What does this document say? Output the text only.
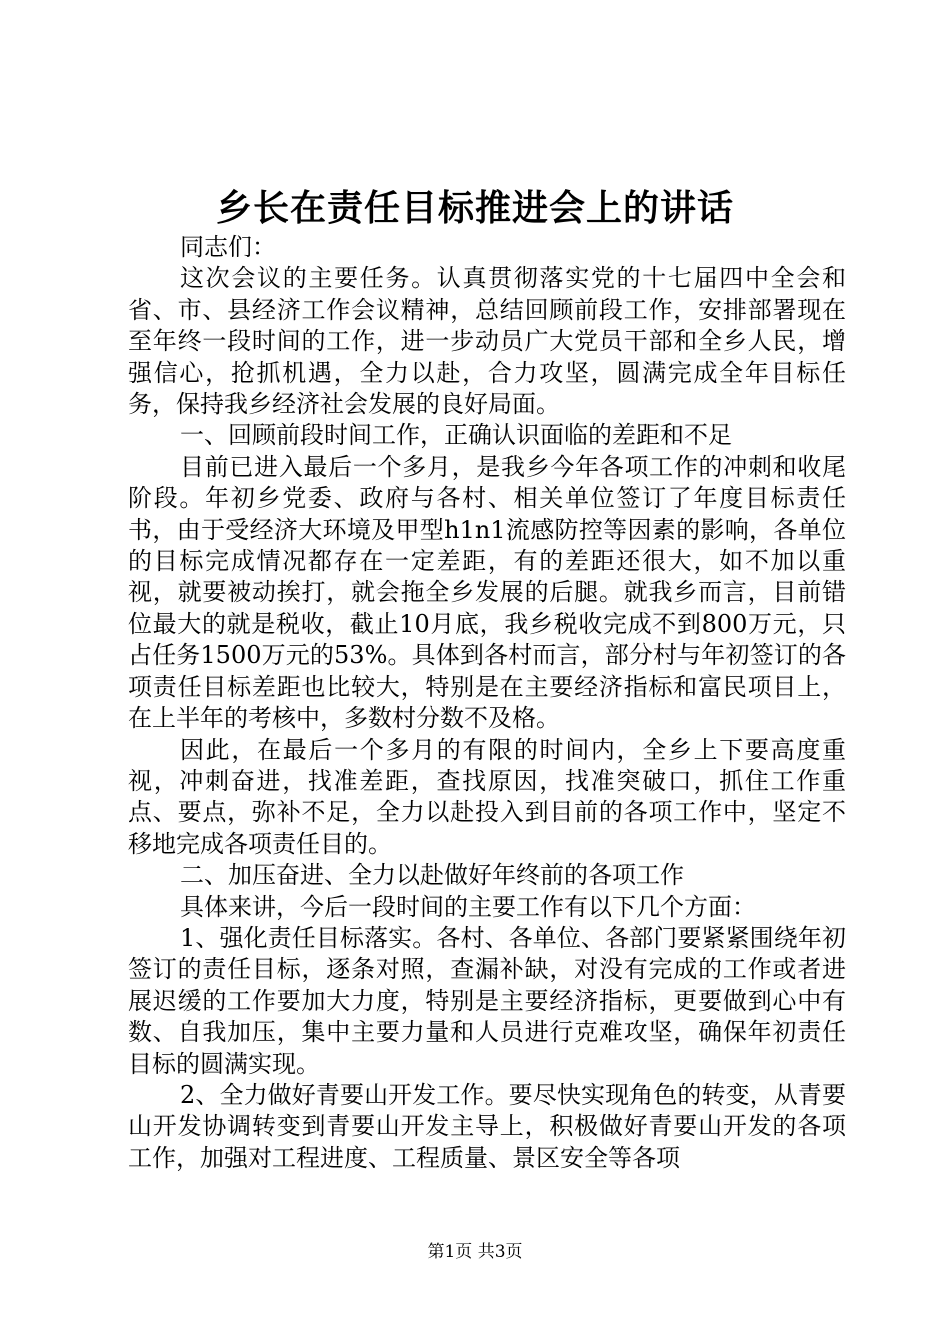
乡长在责任目标推进会上的讲话

同志们：

这次会议的主要任务。认真贯彻落实党的十七届四中全会和省、市、县经济工作会议精神，总结回顾前段工作，安排部署现在至年终一段时间的工作，进一步动员广大党员干部和全乡人民，增强信心，抢抓机遇，全力以赴，合力攻坚，圆满完成全年目标任务，保持我乡经济社会发展的良好局面。

一、回顾前段时间工作，正确认识面临的差距和不足

目前已进入最后一个多月，是我乡今年各项工作的冲刺和收尾阶段。年初乡党委、政府与各村、相关单位签订了年度目标责任书，由于受经济大环境及甲型h1n1流感防控等因素的影响，各单位的目标完成情况都存在一定差距，有的差距还很大，如不加以重视，就要被动挨打，就会拖全乡发展的后腿。就我乡而言，目前错位最大的就是税收，截止10月底，我乡税收完成不到800万元，只占任务1500万元的53%。具体到各村而言，部分村与年初签订的各项责任目标差距也比较大，特别是在主要经济指标和富民项目上，在上半年的考核中，多数村分数不及格。

因此，在最后一个多月的有限的时间内，全乡上下要高度重视，冲刺奋进，找准差距，查找原因，找准突破口，抓住工作重点、要点，弥补不足，全力以赴投入到目前的各项工作中，坚定不移地完成各项责任目的。

二、加压奋进、全力以赴做好年终前的各项工作

具体来讲，今后一段时间的主要工作有以下几个方面：

1、强化责任目标落实。各村、各单位、各部门要紧紧围绕年初签订的责任目标，逐条对照，查漏补缺，对没有完成的工作或者进展迟缓的工作要加大力度，特别是主要经济指标，更要做到心中有数、自我加压，集中主要力量和人员进行克难攻坚，确保年初责任目标的圆满实现。

2、全力做好青要山开发工作。要尽快实现角色的转变，从青要山开发协调转变到青要山开发主导上，积极做好青要山开发的各项工作，加强对工程进度、工程质量、景区安全等各项

第1页 共3页
